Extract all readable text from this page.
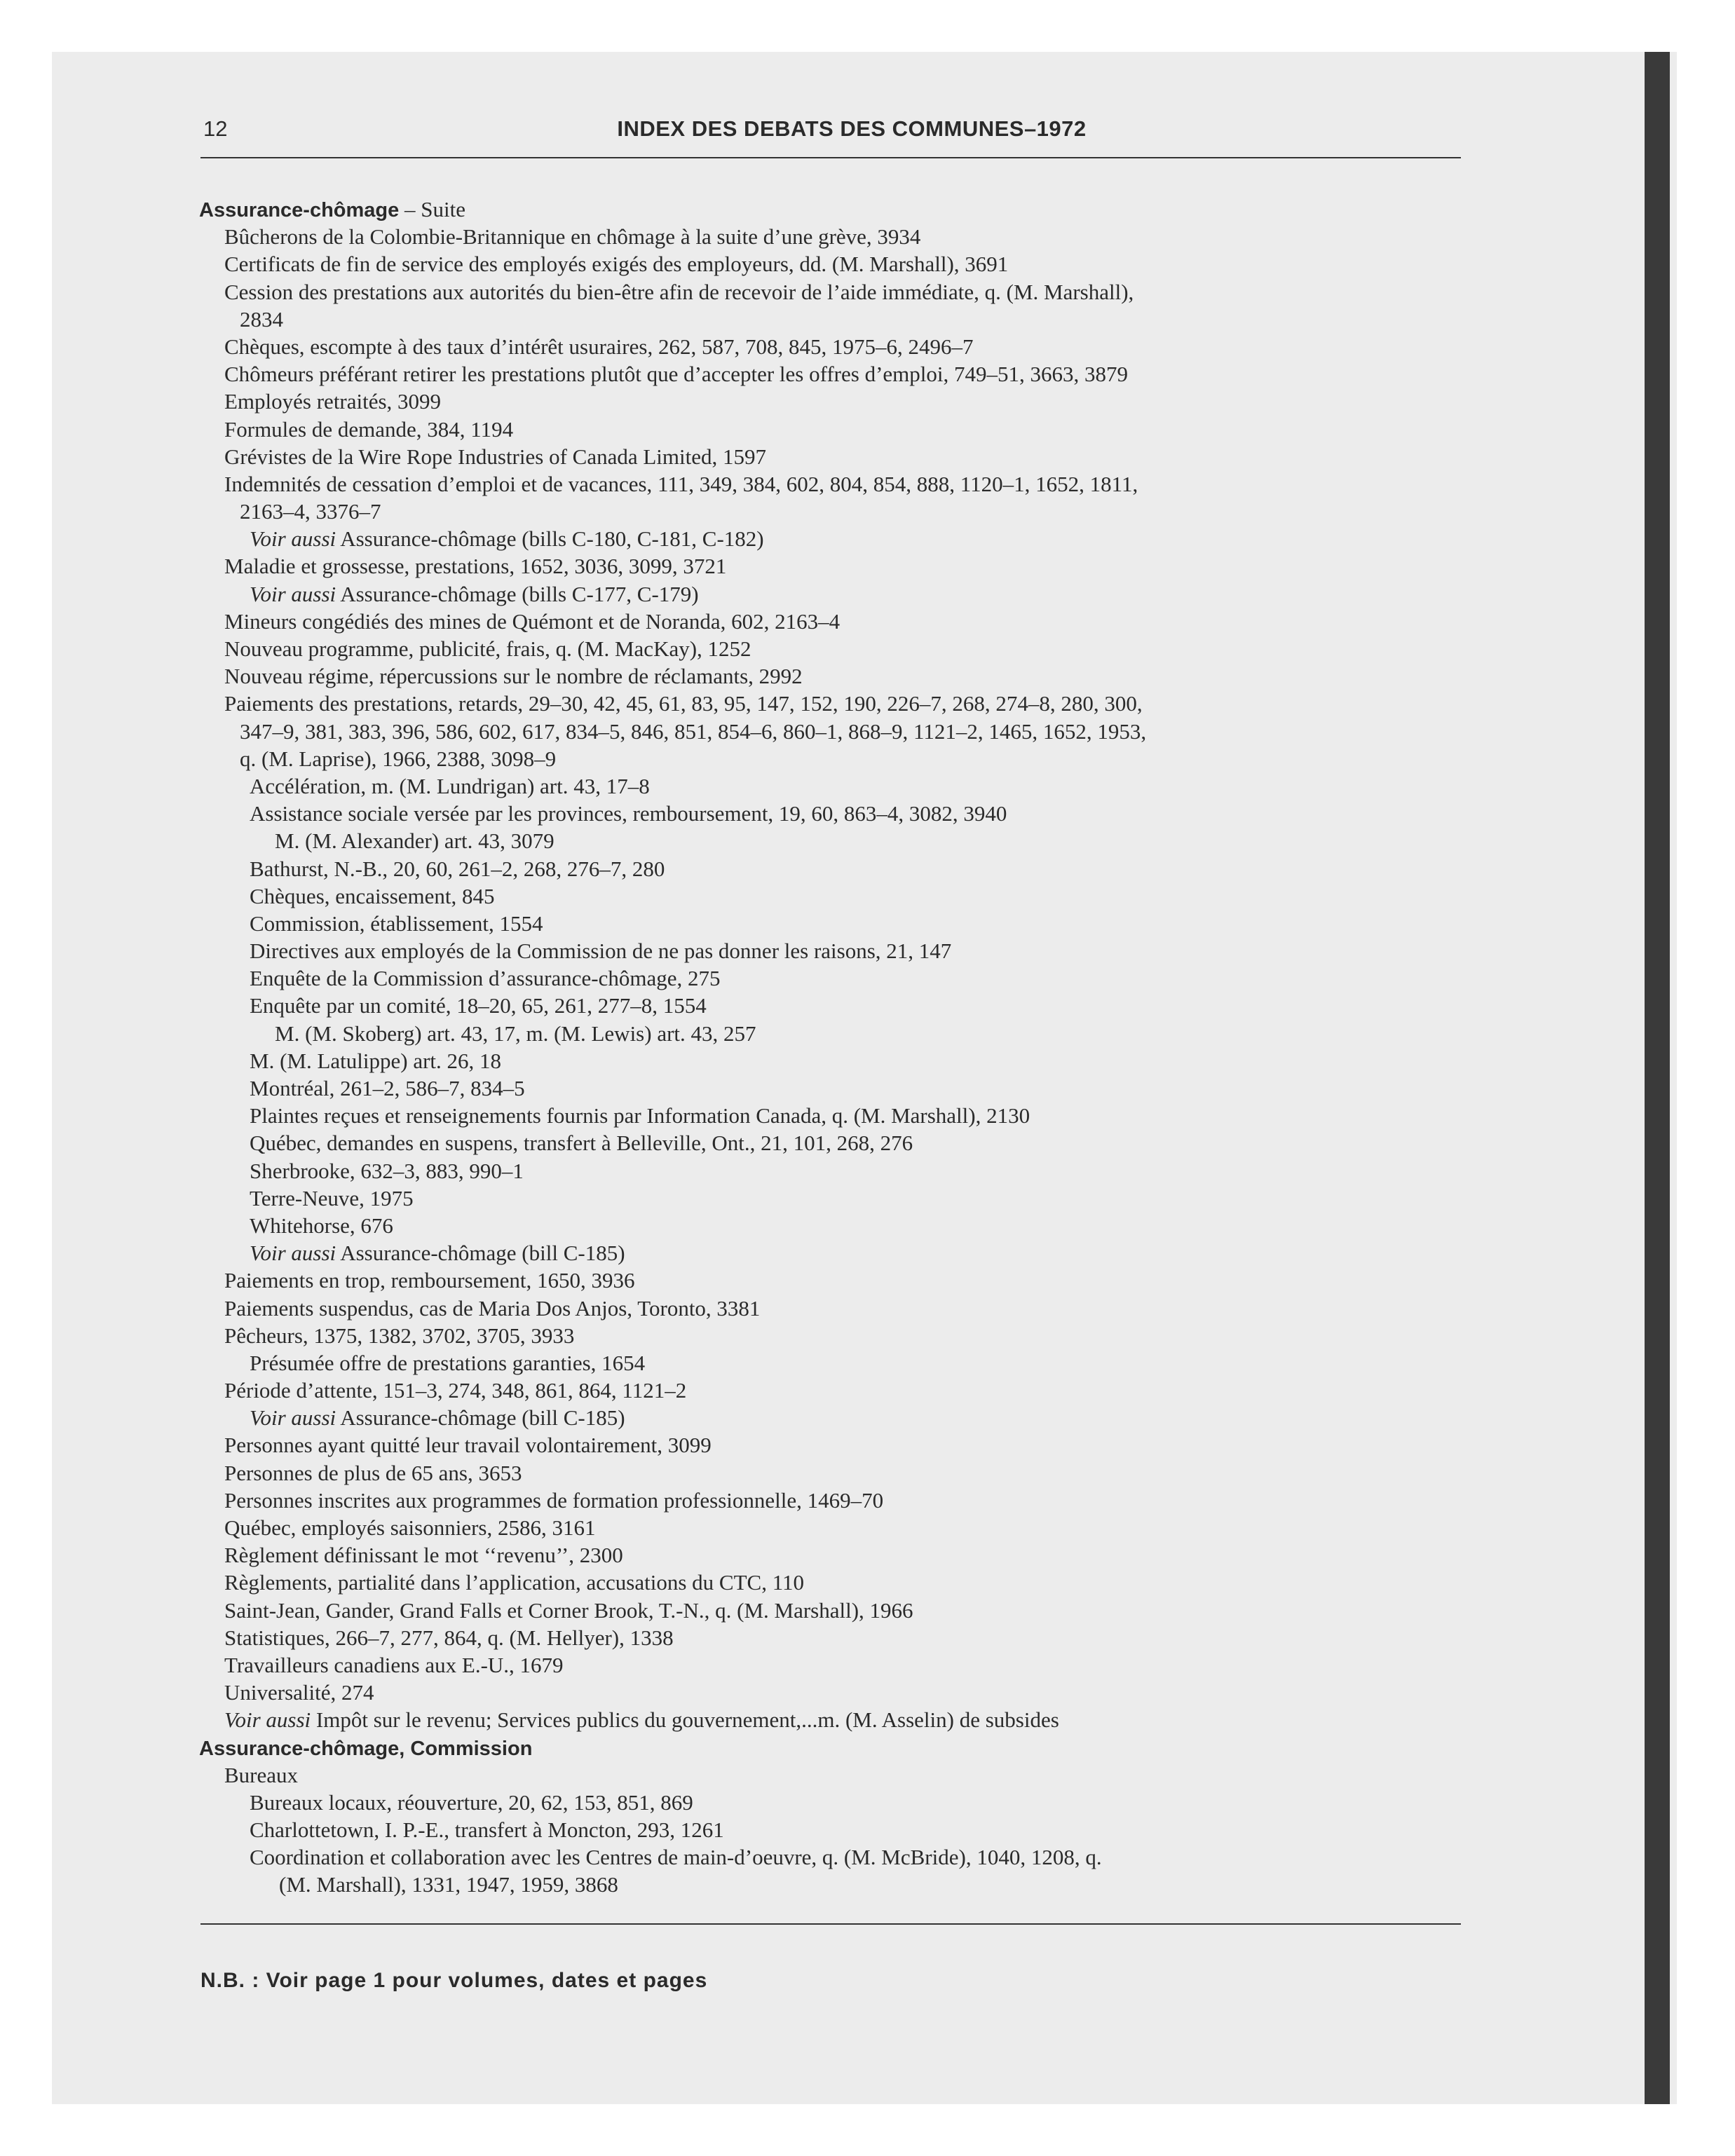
12	INDEX DES DEBATS DES COMMUNES–1972
Assurance-chômage – Suite
Bûcherons de la Colombie-Britannique en chômage à la suite d’une grève, 3934
Certificats de fin de service des employés exigés des employeurs, dd. (M. Marshall), 3691
Cession des prestations aux autorités du bien-être afin de recevoir de l’aide immédiate, q. (M. Marshall),
2834
Chèques, escompte à des taux d’intérêt usuraires, 262, 587, 708, 845, 1975–6, 2496–7
Chômeurs préférant retirer les prestations plutôt que d’accepter les offres d’emploi, 749–51, 3663, 3879
Employés retraités, 3099
Formules de demande, 384, 1194
Grévistes de la Wire Rope Industries of Canada Limited, 1597
Indemnités de cessation d’emploi et de vacances, 111, 349, 384, 602, 804, 854, 888, 1120–1, 1652, 1811,
2163–4, 3376–7
Voir aussi Assurance-chômage (bills C-180, C-181, C-182)
Maladie et grossesse, prestations, 1652, 3036, 3099, 3721
Voir aussi Assurance-chômage (bills C-177, C-179)
Mineurs congédiés des mines de Quémont et de Noranda, 602, 2163–4
Nouveau programme, publicité, frais, q. (M. MacKay), 1252
Nouveau régime, répercussions sur le nombre de réclamants, 2992
Paiements des prestations, retards, 29–30, 42, 45, 61, 83, 95, 147, 152, 190, 226–7, 268, 274–8, 280, 300,
347–9, 381, 383, 396, 586, 602, 617, 834–5, 846, 851, 854–6, 860–1, 868–9, 1121–2, 1465, 1652, 1953,
q. (M. Laprise), 1966, 2388, 3098–9
Accélération, m. (M. Lundrigan) art. 43, 17–8
Assistance sociale versée par les provinces, remboursement, 19, 60, 863–4, 3082, 3940
M. (M. Alexander) art. 43, 3079
Bathurst, N.-B., 20, 60, 261–2, 268, 276–7, 280
Chèques, encaissement, 845
Commission, établissement, 1554
Directives aux employés de la Commission de ne pas donner les raisons, 21, 147
Enquête de la Commission d’assurance-chômage, 275
Enquête par un comité, 18–20, 65, 261, 277–8, 1554
M. (M. Skoberg) art. 43, 17, m. (M. Lewis) art. 43, 257
M. (M. Latulippe) art. 26, 18
Montréal, 261–2, 586–7, 834–5
Plaintes reçues et renseignements fournis par Information Canada, q. (M. Marshall), 2130
Québec, demandes en suspens, transfert à Belleville, Ont., 21, 101, 268, 276
Sherbrooke, 632–3, 883, 990–1
Terre-Neuve, 1975
Whitehorse, 676
Voir aussi Assurance-chômage (bill C-185)
Paiements en trop, remboursement, 1650, 3936
Paiements suspendus, cas de Maria Dos Anjos, Toronto, 3381
Pêcheurs, 1375, 1382, 3702, 3705, 3933
Présumée offre de prestations garanties, 1654
Période d’attente, 151–3, 274, 348, 861, 864, 1121–2
Voir aussi Assurance-chômage (bill C-185)
Personnes ayant quitté leur travail volontairement, 3099
Personnes de plus de 65 ans, 3653
Personnes inscrites aux programmes de formation professionnelle, 1469–70
Québec, employés saisonniers, 2586, 3161
Règlement définissant le mot ‘‘revenu’’, 2300
Règlements, partialité dans l’application, accusations du CTC, 110
Saint-Jean, Gander, Grand Falls et Corner Brook, T.-N., q. (M. Marshall), 1966
Statistiques, 266–7, 277, 864, q. (M. Hellyer), 1338
Travailleurs canadiens aux E.-U., 1679
Universalité, 274
Voir aussi Impôt sur le revenu; Services publics du gouvernement,...m. (M. Asselin) de subsides
Assurance-chômage, Commission
Bureaux
Bureaux locaux, réouverture, 20, 62, 153, 851, 869
Charlottetown, I. P.-E., transfert à Moncton, 293, 1261
Coordination et collaboration avec les Centres de main-d’oeuvre, q. (M. McBride), 1040, 1208, q.
(M. Marshall), 1331, 1947, 1959, 3868
N.B. : Voir page 1 pour volumes, dates et pages
